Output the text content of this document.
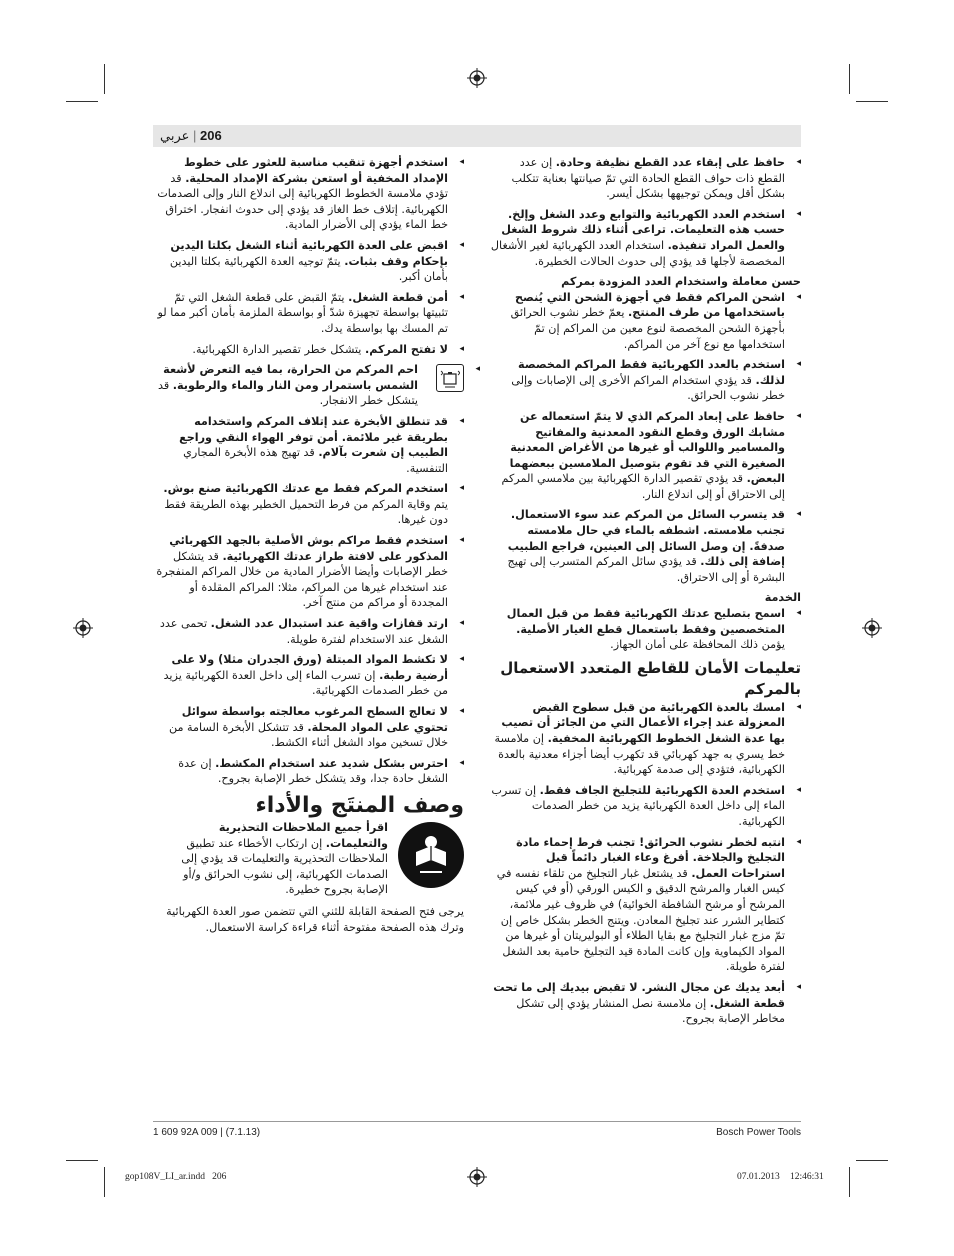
206 | عربي
◂
حافظ على إبقاء عدد القطع نظيفة وحادة. إن عدد القطع ذات حواف القطع الحادة التي تمّ صيانتها بعناية تتكلب بشكل أقل ويمكن توجيهها بشكل أيسر.
◂
استخدم العدد الكهربائية والتوابع وعدد الشغل وإلخ. حسب هذه التعليمات. تراعى أثناء ذلك شروط الشغل والعمل المراد تنفيذه. استخدام العدد الكهربائية لغير الأشغال المخصصة لأجلها قد يؤدي إلى حدوث الحالات الخطيرة.

حسن معاملة واستخدام العدد المزودة بمركم

◂
اشحن المراكم فقط في أجهزة الشحن التي يُنصح باستخدامها من طرف المنتج. يعمّ خطر نشوب الحرائق بأجهزة الشحن المخصصة لنوع معين من المراكم إن تمّ استخدامها مع نوع آخر من المراكم.
◂
استخدم بالعدد الكهربائية فقط المراكم المخصصة لذلك. قد يؤدي استخدام المراكم الأخرى إلى الإصابات وإلى خطر نشوب الحرائق.
◂
حافظ على إبعاد المركم الذي لا يتمّ استعماله عن مشابك الورق وقطع النقود المعدنية والمفاتيح والمسامير واللوالب أو غيرها من الأغراض المعدنية الصغيرة التي قد تقوم بتوصيل الملامسين ببعضهما البعض. قد يؤدي تقصير الدارة الكهربائية بين ملامسي المركم إلى الاحتراق أو إلى اندلاع النار.
◂
قد يتسرب السائل من المركم عند سوء الاستعمال. تجنب ملامسته. اشطفه بالماء في حال ملامسته صدفةً. إن وصل السائل إلى العينين، فراجع الطبيب إضافة إلى ذلك. قد يؤدي سائل المركم المتسرب إلى تهيج البشرة أو إلى الاحتراق.

الخدمة

◂
اسمح بتصليح عدتك الكهربائية فقط من قبل العمال المتخصصين وفقط باستعمال قطع الغيار الأصلية. يؤمن ذلك المحافظة على أمان الجهاز.

تعليمات الأمان للقاطع المتعدد الاستعمال بالمركم

◂
امسك بالعدة الكهربائية من قبل سطوح القبض المعزولة عند إجراء الأعمال التي من الجائز أن تصيب بها عدة الشغل الخطوط الكهربائية المخفية. إن ملامسة خط يسري به جهد كهربائي قد تكهرب أيضا أجزاء معدنية بالعدة الكهربائية، فتؤدي إلى صدمة كهربائية.
◂
استخدم العدة الكهربائية للتجليخ الجاف فقط. إن تسرب الماء إلى داخل العدة الكهربائية يزيد من خطر الصدمات الكهربائية.
◂
انتبه لخطر نشوب الحرائق! تجنب فرط إحماء مادة التجليخ والجلاخة. أفرغ وعاء الغبار دائماً قبل استراحات العمل. قد يشتعل غبار التجليخ من تلقاء نفسه في كيس الغبار والمرشح الدقيق و الكيس الورقي (أو في كيس المرشح أو مرشح الشافطة الخوائية) في ظروف غير ملائمة، كتطاير الشرر عند تجليخ المعادن. ويتنج الخطر بشكل خاص إن تمّ مزج غبار التجليخ مع بقايا الطلاء أو البوليريتان أو غيرها من المواد الكيماوية وإن كانت المادة قيد التجليخ حامية بعد الشغل لفترة طويلة.
◂
أبعد يديك عن مجال النشر. لا تقبض بيديك إلى ما تحت قطعة الشغل. إن ملامسة نصل المنشار يؤدي إلى تشكل مخاطر الإصابة بجروح.
◂
استخدم أجهزة تنقيب مناسبة للعثور على خطوط الإمداد المخفية أو استعن بشركة الإمداد المحلية. قد تؤدي ملامسة الخطوط الكهربائية إلى اندلاع النار وإلى الصدمات الكهربائية. إتلاف خط الغاز قد يؤدي إلى حدوث انفجار. اختراق خط الماء يؤدي إلى الأضرار المادية.
◂
اقبض على العدة الكهربائية أثناء الشغل بكلتا اليدين بإحكام وقف بثبات. يتمّ توجيه العدة الكهربائية بكلتا اليدين بأمان أكبر.
◂
أمن قطعة الشغل. يتمّ القبض على قطعة الشغل التي تمّ تثبيتها بواسطة تجهيزة شدّ أو بواسطة الملزمة بأمان أكبر مما لو تم المسك بها بواسطة يدك.
◂
لا تفتح المركم. يتشكل خطر تقصير الدارة الكهربائية.
◂
احم المركم من الحرارة، بما فيه التعرض لأشعة الشمس باستمرار ومن النار والماء والرطوبة. قد يتشكل خطر الانفجار.
◂
قد تنطلق الأبخرة عند إتلاف المركم واستخدامه بطريقة غير ملائمة. أمن توفر الهواء النقي وراجع الطبيب إن شعرت بآلام. قد تهيج هذه الأبخرة المجاري التنفسية.
◂
استخدم المركم فقط مع عدتك الكهربائية صنع بوش. يتم وقاية المركم من فرط التحميل الخطير بهذه الطريقة فقط دون غيرها.
◂
استخدم فقط مراكم بوش الأصلية بالجهد الكهربائي المذكور على لافتة طراز عدتك الكهربائية. قد يتشكل خطر الإصابات وأيضا الأضرار المادية من خلال المراكم المنفجرة عند استخدام غيرها من المراكم، مثلا: المراكم المقلدة أو المجددة أو مراكم من منتج آخر.
◂
ارتد قفازات واقية عند استبدال عدد الشغل. تحمى عدد الشغل عند الاستخدام لفترة طويلة.
◂
لا تكشط المواد المبتلة (ورق الجدران مثلا) ولا على أرضية رطبة. إن تسرب الماء إلى داخل العدة الكهربائية يزيد من خطر الصدمات الكهربائية.
◂
لا تعالج السطح المرغوب معالجته بواسطة سوائل تحتوي على المواد المحلة. قد تتشكل الأبخرة السامة من خلال تسخين مواد الشغل أثناء الكشط.
◂
احترس بشكل شديد عند استخدام المكشط. إن عدة الشغل حادة جدا، وقد يتشكل خطر الإصابة بجروح.

وصف المنتَج والأداء

اقرأ جميع الملاحظات التحذيرية والتعليمات. إن ارتكاب الأخطاء عند تطبيق الملاحظات التحذيرية والتعليمات قد يؤدي إلى الصدمات الكهربائية، إلى نشوب الحرائق و/أو الإصابة بجروح خطيرة.

يرجى فتح الصفحة القابلة للثني التي تتضمن صور العدة الكهربائية وترك هذه الصفحة مفتوحة أثناء قراءة كراسة الاستعمال.

1 609 92A 009 | (7.1.13)	Bosch Power Tools
gop108V_LI_ar.indd   206	07.01.2013 12:46:31
